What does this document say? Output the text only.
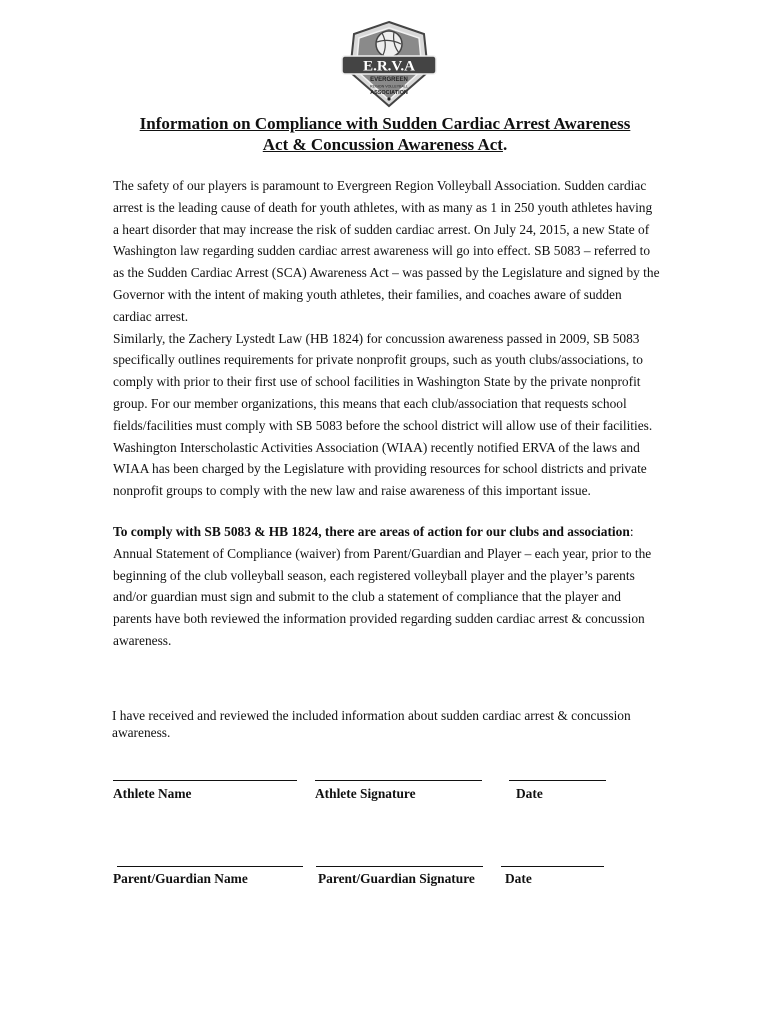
E.R.V.A
EVERGREEN
REGION VOLLEYBALL
ASSOCIATION
Information on Compliance with Sudden Cardiac Arrest Awareness
Act & Concussion Awareness Act.

The safety of our players is paramount to Evergreen Region Volleyball Association. Sudden cardiac arrest is the leading cause of death for youth athletes, with as many as 1 in 250 youth athletes having a heart disorder that may increase the risk of sudden cardiac arrest. On July 24, 2015, a new State of Washington law regarding sudden cardiac arrest awareness will go into effect. SB 5083 – referred to as the Sudden Cardiac Arrest (SCA) Awareness Act – was passed by the Legislature and signed by the Governor with the intent of making youth athletes, their families, and coaches aware of sudden cardiac arrest.

Similarly, the Zachery Lystedt Law (HB 1824) for concussion awareness passed in 2009, SB 5083 specifically outlines requirements for private nonprofit groups, such as youth clubs/associations, to comply with prior to their first use of school facilities in Washington State by the private nonprofit group. For our member organizations, this means that each club/association that requests school fields/facilities must comply with SB 5083 before the school district will allow use of their facilities.

Washington Interscholastic Activities Association (WIAA) recently notified ERVA of the laws and WIAA has been charged by the Legislature with providing resources for school districts and private nonprofit groups to comply with the new law and raise awareness of this important issue.

To comply with SB 5083 & HB 1824, there are areas of action for our clubs and association:

Annual Statement of Compliance (waiver) from Parent/Guardian and Player – each year, prior to the beginning of the club volleyball season, each registered volleyball player and the player’s parents and/or guardian must sign and submit to the club a statement of compliance that the player and parents have both reviewed the information provided regarding sudden cardiac arrest & concussion awareness.

I have received and reviewed the included information about sudden cardiac arrest & concussion awareness.
Athlete Name	Athlete Signature	Date
Parent/Guardian Name	Parent/Guardian Signature Date
